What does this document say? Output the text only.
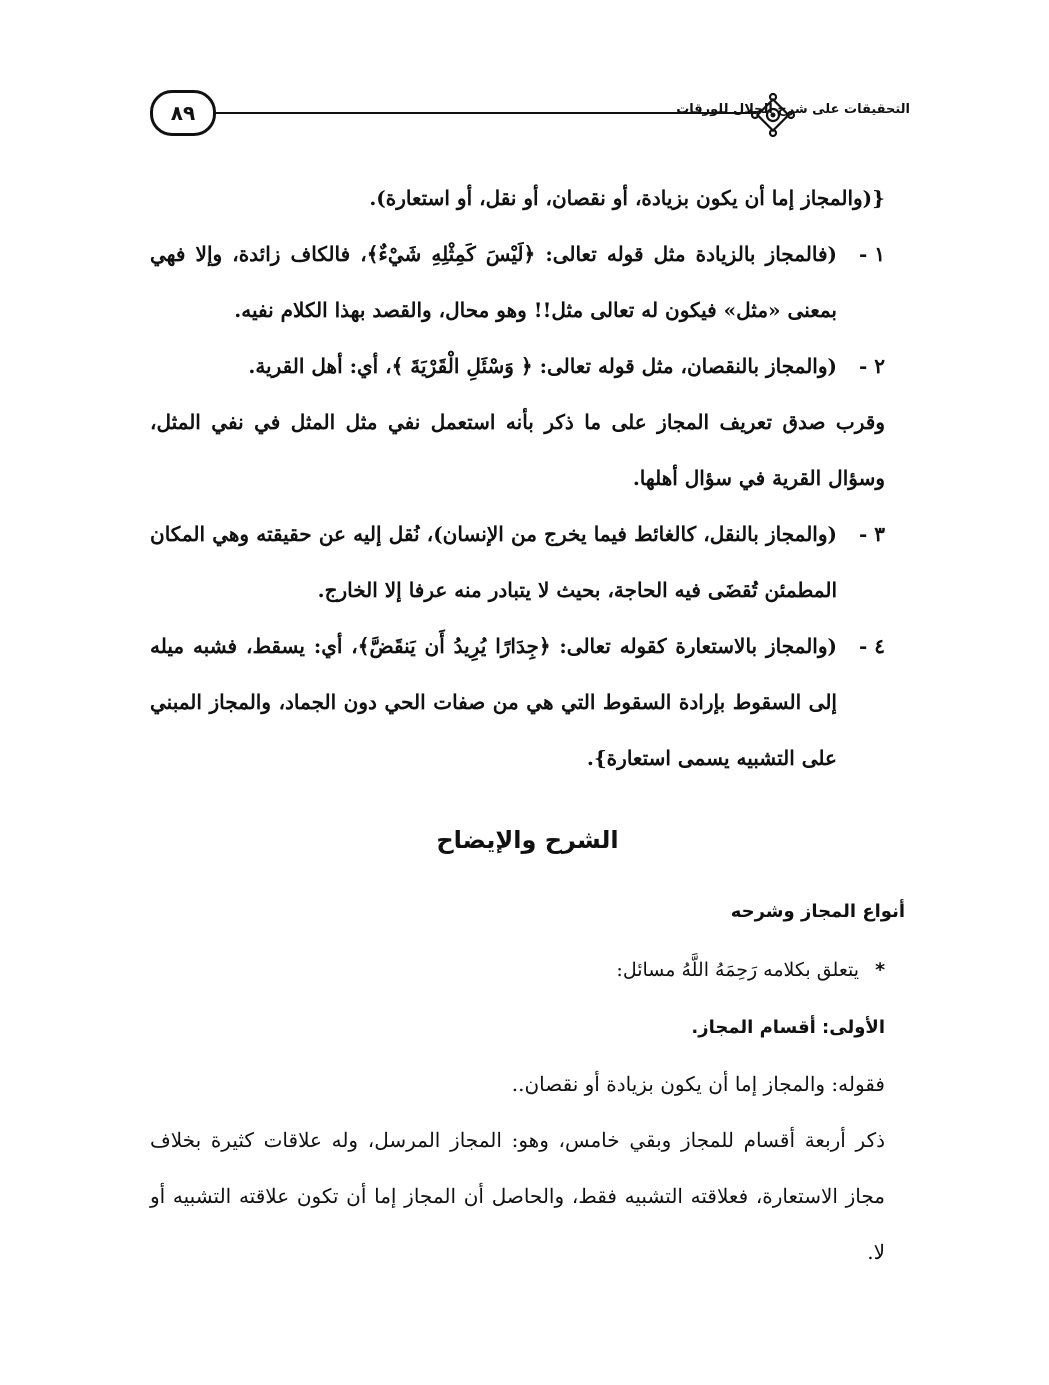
٨٩	التحقيقات على شرح الجلال للورقات

{(والمجاز إما أن يكون بزيادة، أو نقصان، أو نقل، أو استعارة).

١ -
(فالمجاز بالزيادة مثل قوله تعالى: ﴿لَيْسَ كَمِثْلِهِ شَيْءٌ﴾، فالكاف زائدة، وإلا فهي بمعنى «مثل» فيكون له تعالى مثل!! وهو محال، والقصد بهذا الكلام نفيه.
٢ -
(والمجاز بالنقصان، مثل قوله تعالى: ﴿ وَسْئَلِ الْقَرْيَةَ ﴾، أي: أهل القرية.

وقرب صدق تعريف المجاز على ما ذكر بأنه استعمل نفي مثل المثل في نفي المثل، وسؤال القرية في سؤال أهلها.

٣ -
(والمجاز بالنقل، كالغائط فيما يخرج من الإنسان)، نُقل إليه عن حقيقته وهي المكان المطمئن تُقضَى فيه الحاجة، بحيث لا يتبادر منه عرفا إلا الخارج.
٤ -
(والمجاز بالاستعارة كقوله تعالى: ﴿جِدَارًا يُرِيدُ أَن يَنقَضَّ﴾، أي: يسقط، فشبه ميله إلى السقوط بإرادة السقوط التي هي من صفات الحي دون الجماد، والمجاز المبني على التشبيه يسمى استعارة}.
الشرح والإيضاح

أنواع المجاز وشرحه

* يتعلق بكلامه رَحِمَهُ اللَّهُ مسائل:

الأولى: أقسام المجاز.

فقوله: والمجاز إما أن يكون بزيادة أو نقصان..

ذكر أربعة أقسام للمجاز وبقي خامس، وهو: المجاز المرسل، وله علاقات كثيرة بخلاف مجاز الاستعارة، فعلاقته التشبيه فقط، والحاصل أن المجاز إما أن تكون علاقته التشبيه أو لا.
